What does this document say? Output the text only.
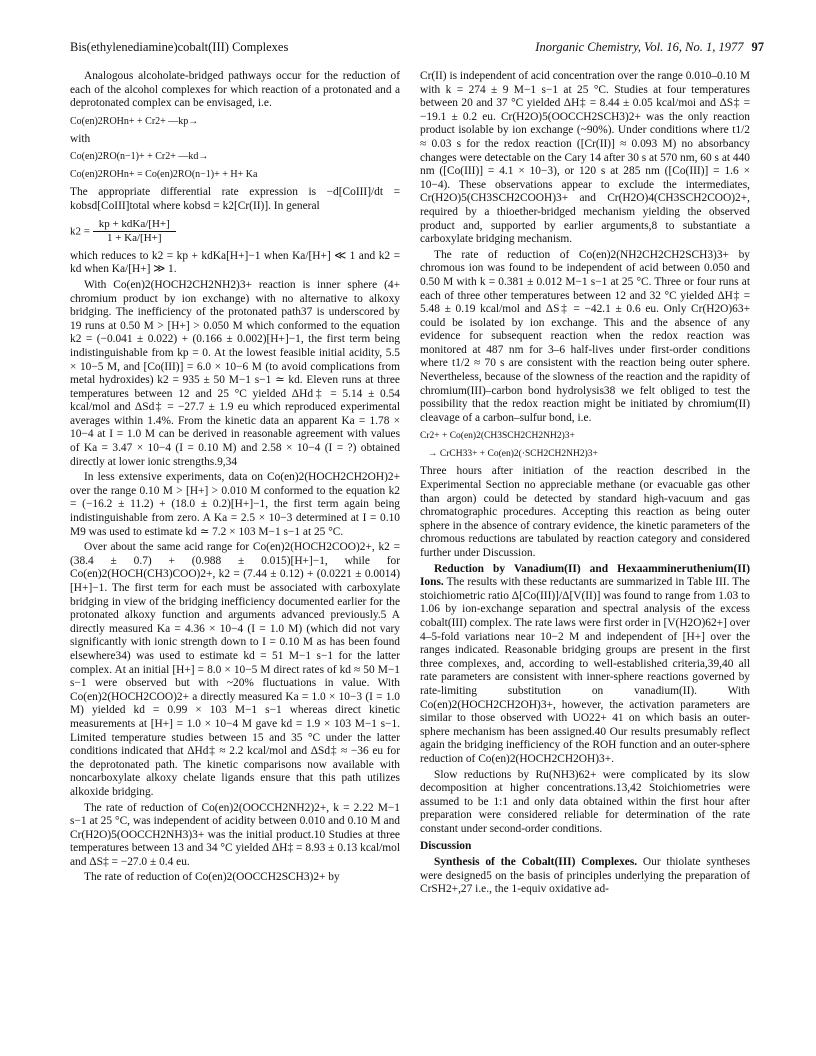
Bis(ethylenediamine)cobalt(III) Complexes	Inorganic Chemistry, Vol. 16, No. 1, 1977 97

Analogous alcoholate-bridged pathways occur for the reduction of each of the alcohol complexes for which reaction of a protonated and a deprotonated complex can be envisaged, i.e.

Co(en)2ROHn+ + Cr2+ —kp→

with

Co(en)2RO(n−1)+ + Cr2+ —kd→
Co(en)2ROHn+ = Co(en)2RO(n−1)+ + H+ Ka

The appropriate differential rate expression is −d[CoIII]/dt = kobsd[CoIII]total where kobsd = k2[Cr(II)]. In general

k2 = kp + kdKa/[H+]
1 + Ka/[H+]

which reduces to k2 = kp + kdKa[H+]−1 when Ka/[H+] ≪ 1 and k2 = kd when Ka/[H+] ≫ 1.

With Co(en)2(HOCH2CH2NH2)3+ reaction is inner sphere (4+ chromium product by ion exchange) with no alternative to alkoxy bridging. The inefficiency of the protonated path37 is underscored by 19 runs at 0.50 M > [H+] > 0.050 M which conformed to the equation k2 = (−0.041 ± 0.022) + (0.166 ± 0.002)[H+]−1, the first term being indistinguishable from kp = 0. At the lowest feasible initial acidity, 5.5 × 10−5 M, and [Co(III)] = 6.0 × 10−6 M (to avoid complications from metal hydroxides) k2 = 935 ± 50 M−1 s−1 ≃ kd. Eleven runs at three temperatures between 12 and 25 °C yielded ΔHd‡ = 5.14 ± 0.54 kcal/mol and ΔSd‡ = −27.7 ± 1.9 eu which reproduced experimental averages within 1.4%. From the kinetic data an apparent Ka = 1.78 × 10−4 at I = 1.0 M can be derived in reasonable agreement with values of Ka = 3.47 × 10−4 (I = 0.10 M) and 2.58 × 10−4 (I = ?) obtained directly at lower ionic strengths.9,34

In less extensive experiments, data on Co(en)2(HOCH2CH2OH)2+ over the range 0.10 M > [H+] > 0.010 M conformed to the equation k2 = (−16.2 ± 11.2) + (18.0 ± 0.2)[H+]−1, the first term again being indistinguishable from zero. A Ka = 2.5 × 10−3 determined at I = 0.10 M9 was used to estimate kd ≃ 7.2 × 103 M−1 s−1 at 25 °C.

Over about the same acid range for Co(en)2(HOCH2COO)2+, k2 = (38.4 ± 0.7) + (0.988 ± 0.015)[H+]−1, while for Co(en)2(HOCH(CH3)COO)2+, k2 = (7.44 ± 0.12) + (0.0221 ± 0.0014)[H+]−1. The first term for each must be associated with carboxylate bridging in view of the bridging inefficiency documented earlier for the protonated alkoxy function and arguments advanced previously.5 A directly measured Ka = 4.36 × 10−4 (I = 1.0 M) (which did not vary significantly with ionic strength down to I = 0.10 M as has been found elsewhere34) was used to estimate kd = 51 M−1 s−1 for the latter complex. At an initial [H+] = 8.0 × 10−5 M direct rates of kd ≈ 50 M−1 s−1 were observed but with ~20% fluctuations in value. With Co(en)2(HOCH2COO)2+ a directly measured Ka = 1.0 × 10−3 (I = 1.0 M) yielded kd = 0.99 × 103 M−1 s−1 whereas direct kinetic measurements at [H+] = 1.0 × 10−4 M gave kd = 1.9 × 103 M−1 s−1. Limited temperature studies between 15 and 35 °C under the latter conditions indicated that ΔHd‡ ≈ 2.2 kcal/mol and ΔSd‡ ≈ −36 eu for the deprotonated path. The kinetic comparisons now available with noncarboxylate alkoxy chelate ligands ensure that this path utilizes alkoxide bridging.

The rate of reduction of Co(en)2(OOCCH2NH2)2+, k = 2.22 M−1 s−1 at 25 °C, was independent of acidity between 0.010 and 0.10 M and Cr(H2O)5(OOCCH2NH3)3+ was the initial product.10 Studies at three temperatures between 13 and 34 °C yielded ΔH‡ = 8.93 ± 0.13 kcal/mol and ΔS‡ = −27.0 ± 0.4 eu.

The rate of reduction of Co(en)2(OOCCH2SCH3)2+ by

Cr(II) is independent of acid concentration over the range 0.010–0.10 M with k = 274 ± 9 M−1 s−1 at 25 °C. Studies at four temperatures between 20 and 37 °C yielded ΔH‡ = 8.44 ± 0.05 kcal/moi and ΔS‡ = −19.1 ± 0.2 eu. Cr(H2O)5(OOCCH2SCH3)2+ was the only reaction product isolable by ion exchange (~90%). Under conditions where t1/2 ≈ 0.03 s for the redox reaction ([Cr(II)] ≈ 0.093 M) no absorbancy changes were detectable on the Cary 14 after 30 s at 570 nm, 60 s at 440 nm ([Co(III)] = 4.1 × 10−3), or 120 s at 285 nm ([Co(III)] = 1.6 × 10−4). These observations appear to exclude the intermediates, Cr(H2O)5(CH3SCH2COOH)3+ and Cr(H2O)4(CH3SCH2COO)2+, required by a thioether-bridged mechanism yielding the observed product and, supported by earlier arguments,8 to substantiate a carboxylate bridging mechanism.

The rate of reduction of Co(en)2(NH2CH2CH2SCH3)3+ by chromous ion was found to be independent of acid between 0.050 and 0.50 M with k = 0.381 ± 0.012 M−1 s−1 at 25 °C. Three or four runs at each of three other temperatures between 12 and 32 °C yielded ΔH‡ = 5.48 ± 0.19 kcal/mol and ΔS‡ = −42.1 ± 0.6 eu. Only Cr(H2O)63+ could be isolated by ion exchange. This and the absence of any evidence for subsequent reaction when the redox reaction was monitored at 487 nm for 3–6 half-lives under first-order conditions where t1/2 ≈ 70 s are consistent with the reaction being outer sphere. Nevertheless, because of the slowness of the reaction and the rapidity of chromium(III)–carbon bond hydrolysis38 we felt obliged to test the possibility that the redox reaction might be initiated by chromium(II) cleavage of a carbon–sulfur bond, i.e.

Cr2+ + Co(en)2(CH3SCH2CH2NH2)3+
→ CrCH33+ + Co(en)2(·SCH2CH2NH2)3+

Three hours after initiation of the reaction described in the Experimental Section no appreciable methane (or evacuable gas other than argon) could be detected by standard high-vacuum and gas chromatographic procedures. Accepting this reaction as being outer sphere in the absence of contrary evidence, the kinetic parameters of the chromous reductions are tabulated by reaction category and considered further under Discussion.

Reduction by Vanadium(II) and Hexaammineruthenium(II) Ions. The results with these reductants are summarized in Table III. The stoichiometric ratio Δ[Co(III)]/Δ[V(II)] was found to range from 1.03 to 1.06 by ion-exchange separation and spectral analysis of the excess cobalt(III) complex. The rate laws were first order in [V(H2O)62+] over 4–5-fold variations near 10−2 M and independent of [H+] over the ranges indicated. Reasonable bridging groups are present in the first three complexes, and, according to well-established criteria,39,40 all rate parameters are consistent with inner-sphere reactions governed by rate-limiting substitution on vanadium(II). With Co(en)2(HOCH2CH2OH)3+, however, the activation parameters are similar to those observed with UO22+ 41 on which basis an outer-sphere mechanism has been assigned.40 Our results presumably reflect again the bridging inefficiency of the ROH function and an outer-sphere reduction of Co(en)2(HOCH2CH2OH)3+.

Slow reductions by Ru(NH3)62+ were complicated by its slow decomposition at higher concentrations.13,42 Stoichiometries were assumed to be 1:1 and only data obtained within the first hour after preparation were considered reliable for determination of the rate constant under second-order conditions.

Discussion

Synthesis of the Cobalt(III) Complexes. Our thiolate syntheses were designed5 on the basis of principles underlying the preparation of CrSH2+,27 i.e., the 1-equiv oxidative ad-
